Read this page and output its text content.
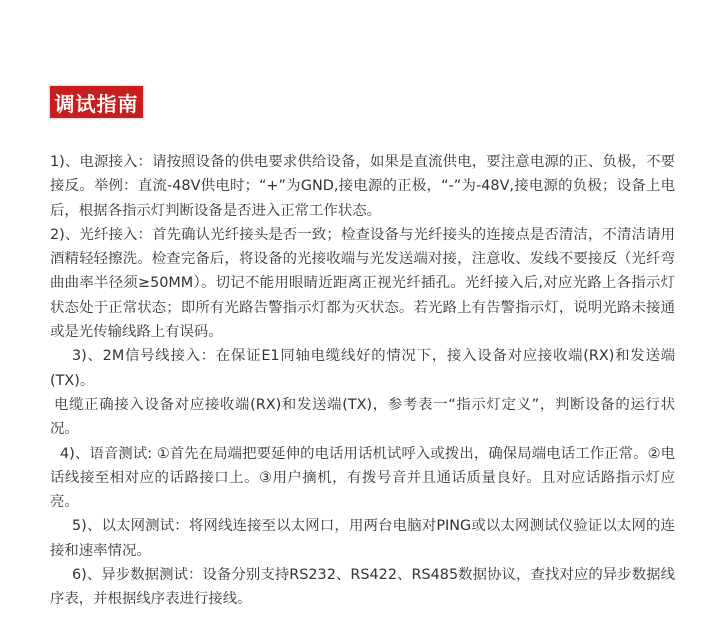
调试指南

1)、电源接入：请按照设备的供电要求供给设备，如果是直流供电，要注意电源的正、负极，不要接反。举例：直流-48V供电时；“+”为GND,接电源的正极，“-”为-48V,接电源的负极；设备上电后，根据各指示灯判断设备是否进入正常工作状态。

2)、光纤接入：首先确认光纤接头是否一致；检查设备与光纤接头的连接点是否清洁，不清洁请用酒精轻轻擦洗。检查完备后，将设备的光接收端与光发送端对接，注意收、发线不要接反（光纤弯曲曲率半径须≥50MM）。切记不能用眼睛近距离正视光纤插孔。光纤接入后,对应光路上各指示灯状态处于正常状态；即所有光路告警指示灯都为灭状态。若光路上有告警指示灯，说明光路未接通或是光传输线路上有误码。

3)、2M信号线接入：在保证E1同轴电缆线好的情况下，接入设备对应接收端(RX)和发送端(TX)。

电缆正确接入设备对应接收端(RX)和发送端(TX)，参考表一“指示灯定义”，判断设备的运行状况。

4)、语音测试: ①首先在局端把要延伸的电话用话机试呼入或拨出，确保局端电话工作正常。②电话线接至相对应的话路接口上。③用户摘机，有拨号音并且通话质量良好。且对应话路指示灯应亮。

5)、以太网测试：将网线连接至以太网口，用两台电脑对PING或以太网测试仪验证以太网的连接和速率情况。

6)、异步数据测试：设备分别支持RS232、RS422、RS485数据协议，查找对应的异步数据线序表，并根据线序表进行接线。
